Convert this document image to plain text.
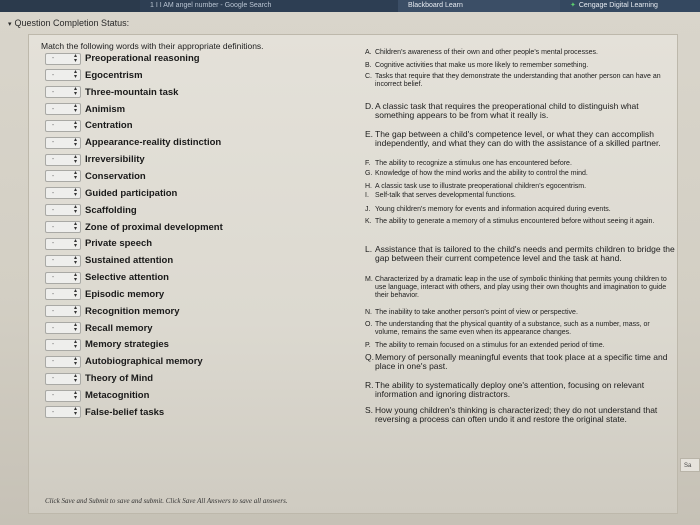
1 I I AM angel number - Google Search	Blackboard Learn	✦ Cengage Digital Learning
▾ Question Completion Status:
Match the following words with their appropriate definitions.
-	▴
▾ Preoperational reasoning
-	▴
▾ Egocentrism
-	▴
▾ Three-mountain task
-	▴
▾ Animism
-	▴
▾ Centration
-	▴
▾ Appearance-reality distinction
-	▴
▾ Irreversibility
-	▴
▾ Conservation
-	▴
▾ Guided participation
-	▴
▾ Scaffolding
-	▴
▾ Zone of proximal development
-	▴
▾ Private speech
-	▴
▾ Sustained attention
-	▴
▾ Selective attention
-	▴
▾ Episodic memory
-	▴
▾ Recognition memory
-	▴
▾ Recall memory
-	▴
▾ Memory strategies
-	▴
▾ Autobiographical memory
-	▴
▾ Theory of Mind
-	▴
▾ Metacognition
-	▴
▾ False-belief tasks
A. Children's awareness of their own and other people's mental processes.
B. Cognitive activities that make us more likely to remember something.
C. Tasks that require that they demonstrate the understanding that another person can have an incorrect belief.
D. A classic task that requires the preoperational child to distinguish what something appears to be from what it really is.
E. The gap between a child's competence level, or what they can accomplish independently, and what they can do with the assistance of a skilled partner.
F. The ability to recognize a stimulus one has encountered before.
G. Knowledge of how the mind works and the ability to control the mind.
H. A classic task use to illustrate preoperational children's egocentrism.
I. Self-talk that serves developmental functions.
J. Young children's memory for events and information acquired during events.
K. The ability to generate a memory of a stimulus encountered before without seeing it again.
L. Assistance that is tailored to the child's needs and permits children to bridge the gap between their current competence level and the task at hand.
M. Characterized by a dramatic leap in the use of symbolic thinking that permits young children to use language, interact with others, and play using their own thoughts and imagination to guide their behavior.
N. The inability to take another person's point of view or perspective.
O. The understanding that the physical quantity of a substance, such as a number, mass, or volume, remains the same even when its appearance changes.
P. The ability to remain focused on a stimulus for an extended period of time.
Q. Memory of personally meaningful events that took place at a specific time and place in one's past.
R. The ability to systematically deploy one's attention, focusing on relevant information and ignoring distractors.
S. How young children's thinking is characterized; they do not understand that reversing a process can often undo it and restore the original state.
Click Save and Submit to save and submit. Click Save All Answers to save all answers.
Sa
